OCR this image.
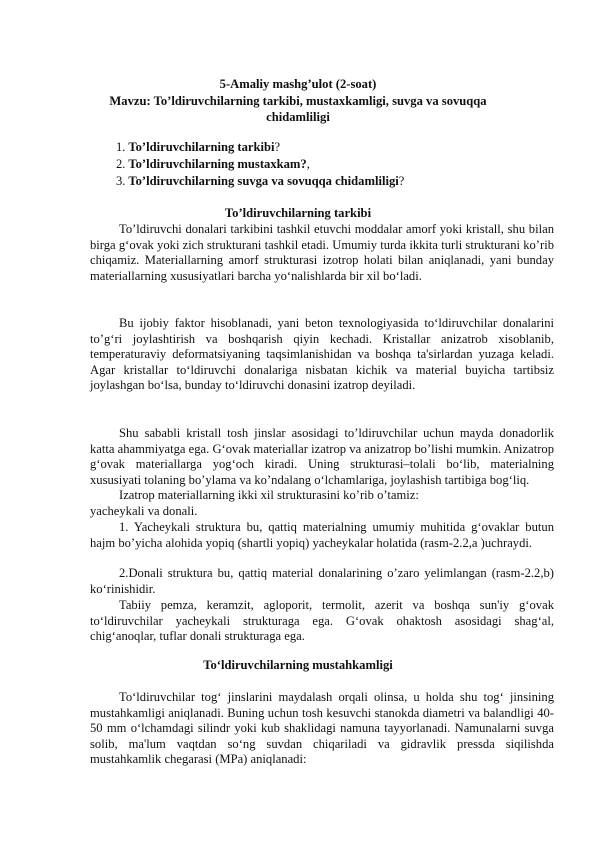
5-Amaliy mashg’ulot (2-soat)
Mavzu: To’ldiruvchilarning tarkibi, mustaxkamligi, suvga va sovuqqa
chidamliligi
1. To’ldiruvchilarning tarkibi?
2. To’ldiruvchilarning mustaxkam?,
3. To’ldiruvchilarning suvga va sovuqqa chidamliligi?
To’ldiruvchilarning tarkibi

To’ldiruvchi donalari tarkibini tashkil etuvchi moddalar amorf yoki kristall, shu bilan birga g‘ovak yoki zich strukturani tashkil etadi. Umumiy turda ikkita turli strukturani ko’rib chiqamiz. Materiallarning amorf strukturasi izotrop holati bilan aniqlanadi, yani bunday materiallarning xususiyatlari barcha yo‘nalishlarda bir xil bo‘ladi.

Bu ijobiy faktor hisoblanadi, yani beton texnologiyasida to‘ldiruvchilar donalarini to’g‘ri joylashtirish va boshqarish qiyin kechadi. Kristallar anizatrob xisoblanib, temperaturaviy deformatsiyaning taqsimlanishidan va boshqa ta'sirlardan yuzaga keladi. Agar kristallar to‘ldiruvchi donalariga nisbatan kichik va material buyicha tartibsiz joylashgan bo‘lsa, bunday to‘ldiruvchi donasini izatrop deyiladi.

Shu sababli kristall tosh jinslar asosidagi to’ldiruvchilar uchun mayda donadorlik katta ahammiyatga ega. G‘ovak materiallar izatrop va anizatrop bo’lishi mumkin. Anizatrop g‘ovak materiallarga yog‘och kiradi. Uning strukturasi–tolali bo‘lib, materialning xususiyati tolaning bo’ylama va ko’ndalang o‘lchamlariga, joylashish tartibiga bog‘liq.

Izatrop materiallarning ikki xil strukturasini ko’rib o’tamiz:

yacheykali va donali.

1. Yacheykali struktura bu, qattiq materialning umumiy muhitida g‘ovaklar butun hajm bo’yicha alohida yopiq (shartli yopiq) yacheykalar holatida (rasm-2.2,a )uchraydi.

2.Donali struktura bu, qattiq material donalarining o’zaro yelimlangan (rasm-2.2,b) ko‘rinishidir.

Tabiiy pemza, keramzit, agloporit, termolit, azerit va boshqa sun'iy g‘ovak to‘ldiruvchilar yacheykali strukturaga ega. G‘ovak ohaktosh asosidagi shag‘al, chig‘anoqlar, tuflar donali strukturaga ega.

To‘ldiruvchilarning mustahkamligi

To‘ldiruvchilar tog‘ jinslarini maydalash orqali olinsa, u holda shu tog‘ jinsining mustahkamligi aniqlanadi. Buning uchun tosh kesuvchi stanokda diametri va balandligi 40-50 mm o‘lchamdagi silindr yoki kub shaklidagi namuna tayyorlanadi. Namunalarni suvga solib, ma'lum vaqtdan so‘ng suvdan chiqariladi va gidravlik pressda siqilishda mustahkamlik chegarasi (MPa) aniqlanadi:
